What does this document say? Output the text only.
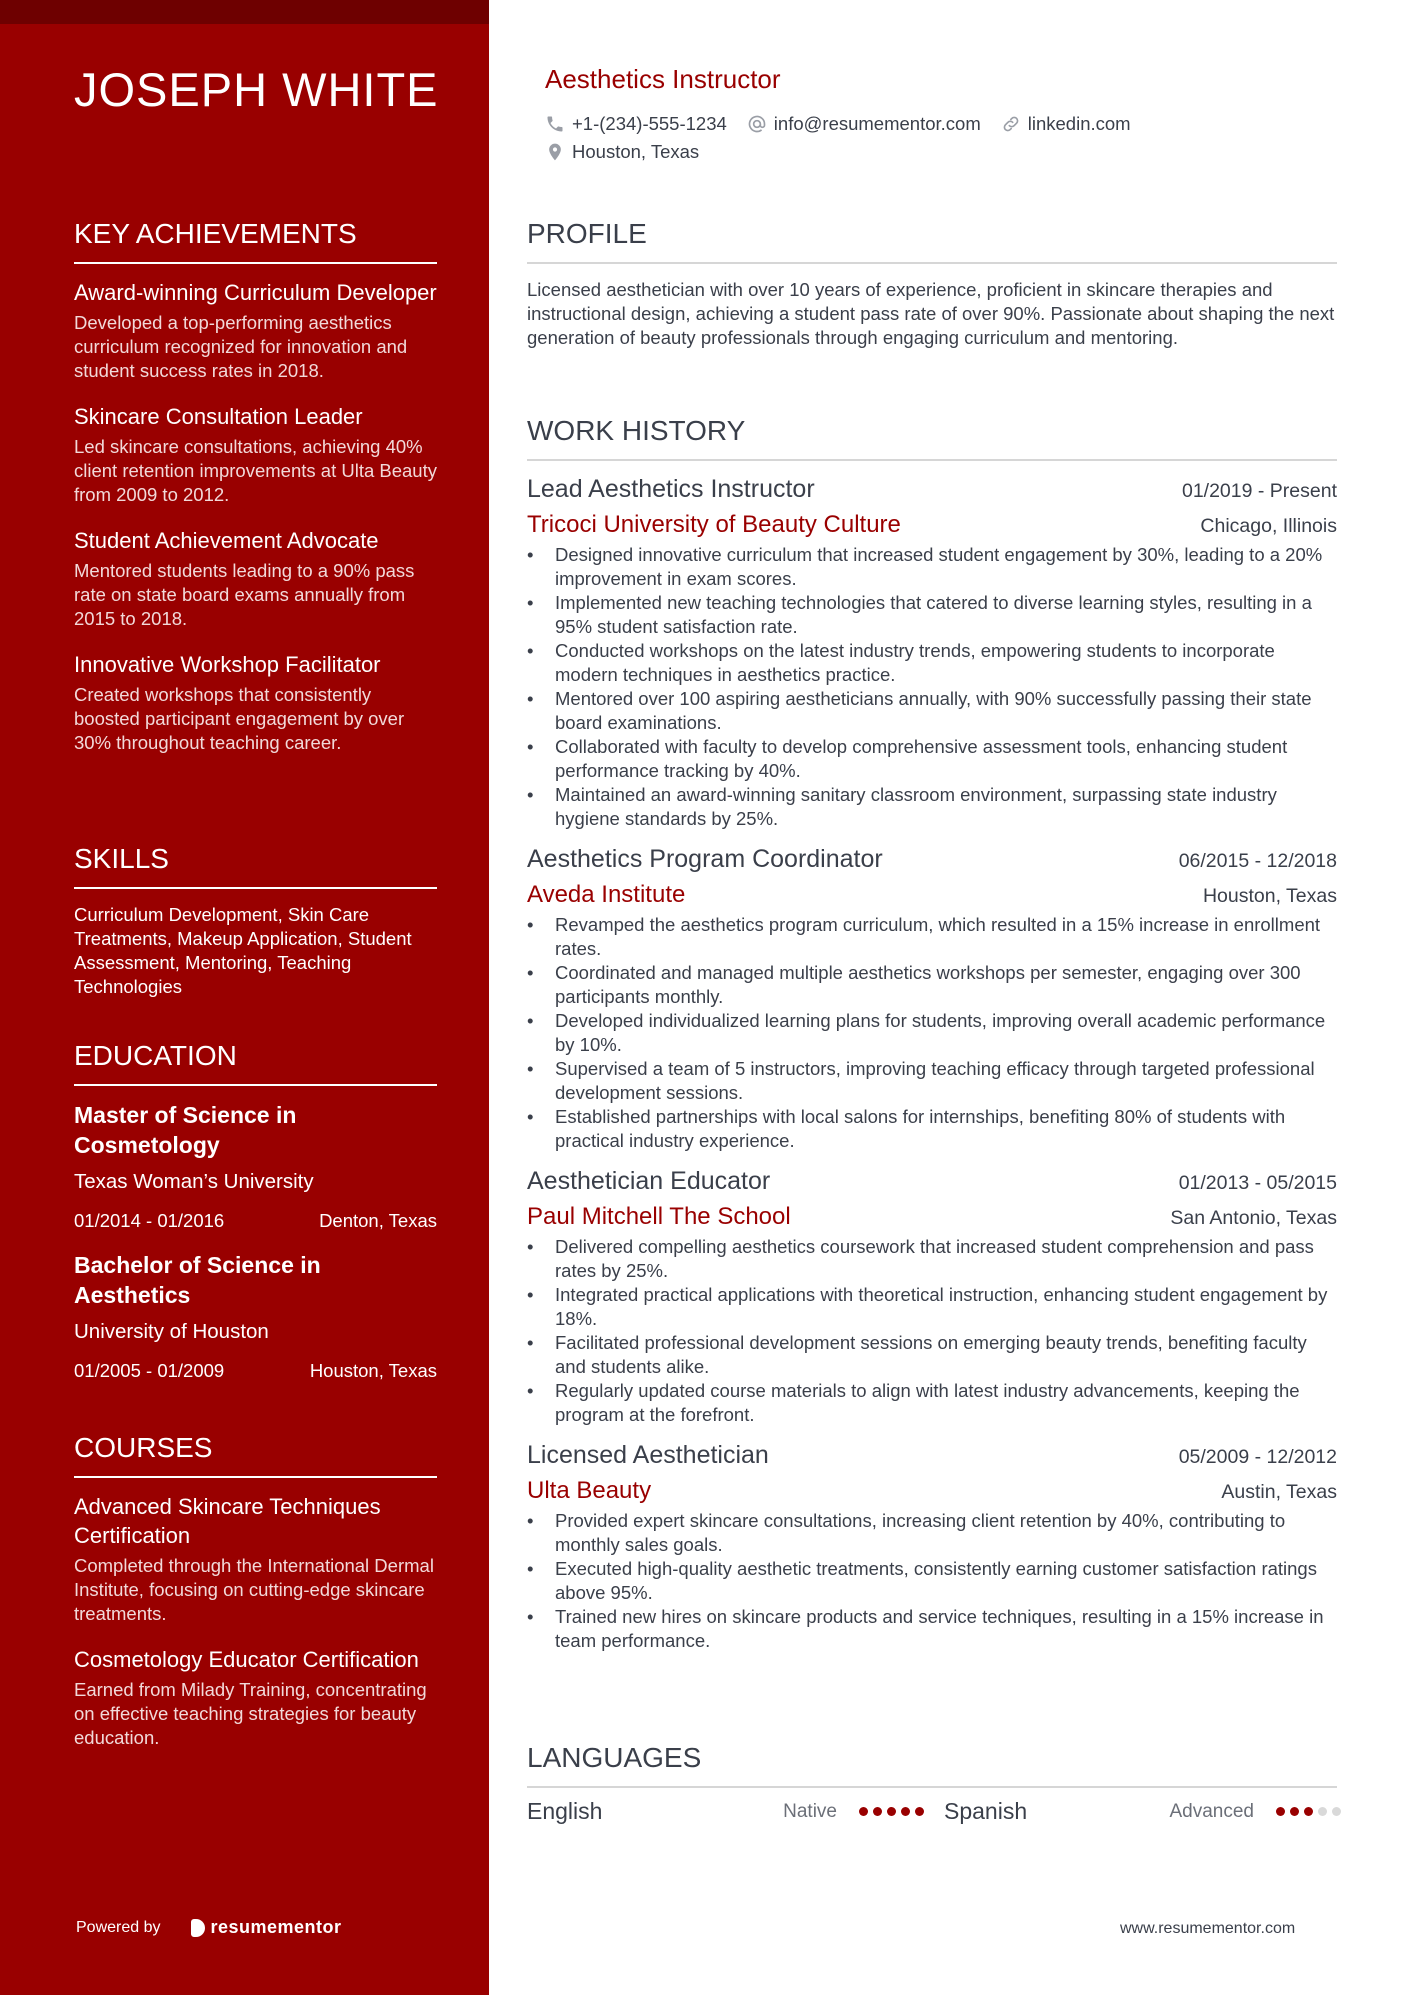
JOSEPH WHITE
KEY ACHIEVEMENTS
Award-winning Curriculum Developer
Developed a top-performing aesthetics curriculum recognized for innovation and student success rates in 2018.
Skincare Consultation Leader
Led skincare consultations, achieving 40% client retention improvements at Ulta Beauty from 2009 to 2012.
Student Achievement Advocate
Mentored students leading to a 90% pass rate on state board exams annually from 2015 to 2018.
Innovative Workshop Facilitator
Created workshops that consistently boosted participant engagement by over 30% throughout teaching career.
SKILLS
Curriculum Development, Skin Care Treatments, Makeup Application, Student Assessment, Mentoring, Teaching Technologies
EDUCATION
Master of Science in Cosmetology
Texas Woman’s University
01/2014 - 01/2016	Denton, Texas
Bachelor of Science in Aesthetics
University of Houston
01/2005 - 01/2009	Houston, Texas
COURSES
Advanced Skincare Techniques Certification
Completed through the International Dermal Institute, focusing on cutting-edge skincare treatments.
Cosmetology Educator Certification
Earned from Milady Training, concentrating on effective teaching strategies for beauty education.
Powered by	resumementor
Aesthetics Instructor
+1-(234)-555-1234	info@resumementor.com	linkedin.com
Houston, Texas
PROFILE
Licensed aesthetician with over 10 years of experience, proficient in skincare therapies and instructional design, achieving a student pass rate of over 90%. Passionate about shaping the next generation of beauty professionals through engaging curriculum and mentoring.
WORK HISTORY
Lead Aesthetics Instructor	01/2019 - Present
Tricoci University of Beauty Culture	Chicago, Illinois
• Designed innovative curriculum that increased student engagement by 30%, leading to a 20% improvement in exam scores.
• Implemented new teaching technologies that catered to diverse learning styles, resulting in a 95% student satisfaction rate.
• Conducted workshops on the latest industry trends, empowering students to incorporate modern techniques in aesthetics practice.
• Mentored over 100 aspiring aestheticians annually, with 90% successfully passing their state board examinations.
• Collaborated with faculty to develop comprehensive assessment tools, enhancing student performance tracking by 40%.
• Maintained an award-winning sanitary classroom environment, surpassing state industry hygiene standards by 25%.
Aesthetics Program Coordinator	06/2015 - 12/2018
Aveda Institute	Houston, Texas
• Revamped the aesthetics program curriculum, which resulted in a 15% increase in enrollment rates.
• Coordinated and managed multiple aesthetics workshops per semester, engaging over 300 participants monthly.
• Developed individualized learning plans for students, improving overall academic performance by 10%.
• Supervised a team of 5 instructors, improving teaching efficacy through targeted professional development sessions.
• Established partnerships with local salons for internships, benefiting 80% of students with practical industry experience.
Aesthetician Educator	01/2013 - 05/2015
Paul Mitchell The School	San Antonio, Texas
• Delivered compelling aesthetics coursework that increased student comprehension and pass rates by 25%.
• Integrated practical applications with theoretical instruction, enhancing student engagement by 18%.
• Facilitated professional development sessions on emerging beauty trends, benefiting faculty and students alike.
• Regularly updated course materials to align with latest industry advancements, keeping the program at the forefront.
Licensed Aesthetician	05/2009 - 12/2012
Ulta Beauty	Austin, Texas
• Provided expert skincare consultations, increasing client retention by 40%, contributing to monthly sales goals.
• Executed high-quality aesthetic treatments, consistently earning customer satisfaction ratings above 95%.
• Trained new hires on skincare products and service techniques, resulting in a 15% increase in team performance.
LANGUAGES
English	Native	Spanish	Advanced
www.resumementor.com
